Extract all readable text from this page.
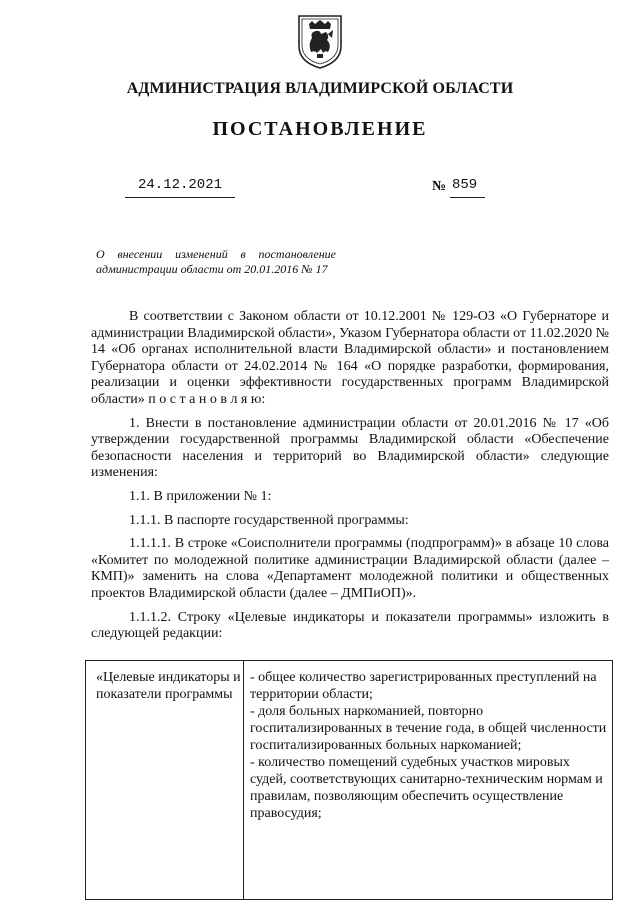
АДМИНИСТРАЦИЯ ВЛАДИМИРСКОЙ ОБЛАСТИ
ПОСТАНОВЛЕНИЕ
24.12.2021	№ 859
О внесении изменений в постановление администрации области от 20.01.2016 № 17

В соответствии с Законом области от 10.12.2001 № 129-ОЗ «О Губернаторе и администрации Владимирской области», Указом Губернатора области от 11.02.2020 № 14 «Об органах исполнительной власти Владимирской области» и постановлением Губернатора области от 24.02.2014 № 164 «О порядке разработки, формирования, реализации и оценки эффективности государственных программ Владимирской области» п о с т а н о в л я ю:

1. Внести в постановление администрации области от 20.01.2016 № 17 «Об утверждении государственной программы Владимирской области «Обеспечение безопасности населения и территорий во Владимирской области» следующие изменения:

1.1. В приложении № 1:

1.1.1. В паспорте государственной программы:

1.1.1.1. В строке «Соисполнители программы (подпрограмм)» в абзаце 10 слова «Комитет по молодежной политике администрации Владимирской области (далее – КМП)» заменить на слова «Департамент молодежной политики и общественных проектов Владимирской области (далее – ДМПиОП)».

1.1.1.2. Строку «Целевые индикаторы и показатели программы» изложить в следующей редакции:

«Целевые индикаторы и показатели программы
- общее количество зарегистрированных преступлений на территории области;
- доля больных наркоманией, повторно госпитализированных в течение года, в общей численности госпитализированных больных наркоманией;
- количество помещений судебных участков мировых судей, соответствующих санитарно-техническим нормам и правилам, позволяющим обеспечить осуществление правосудия;
